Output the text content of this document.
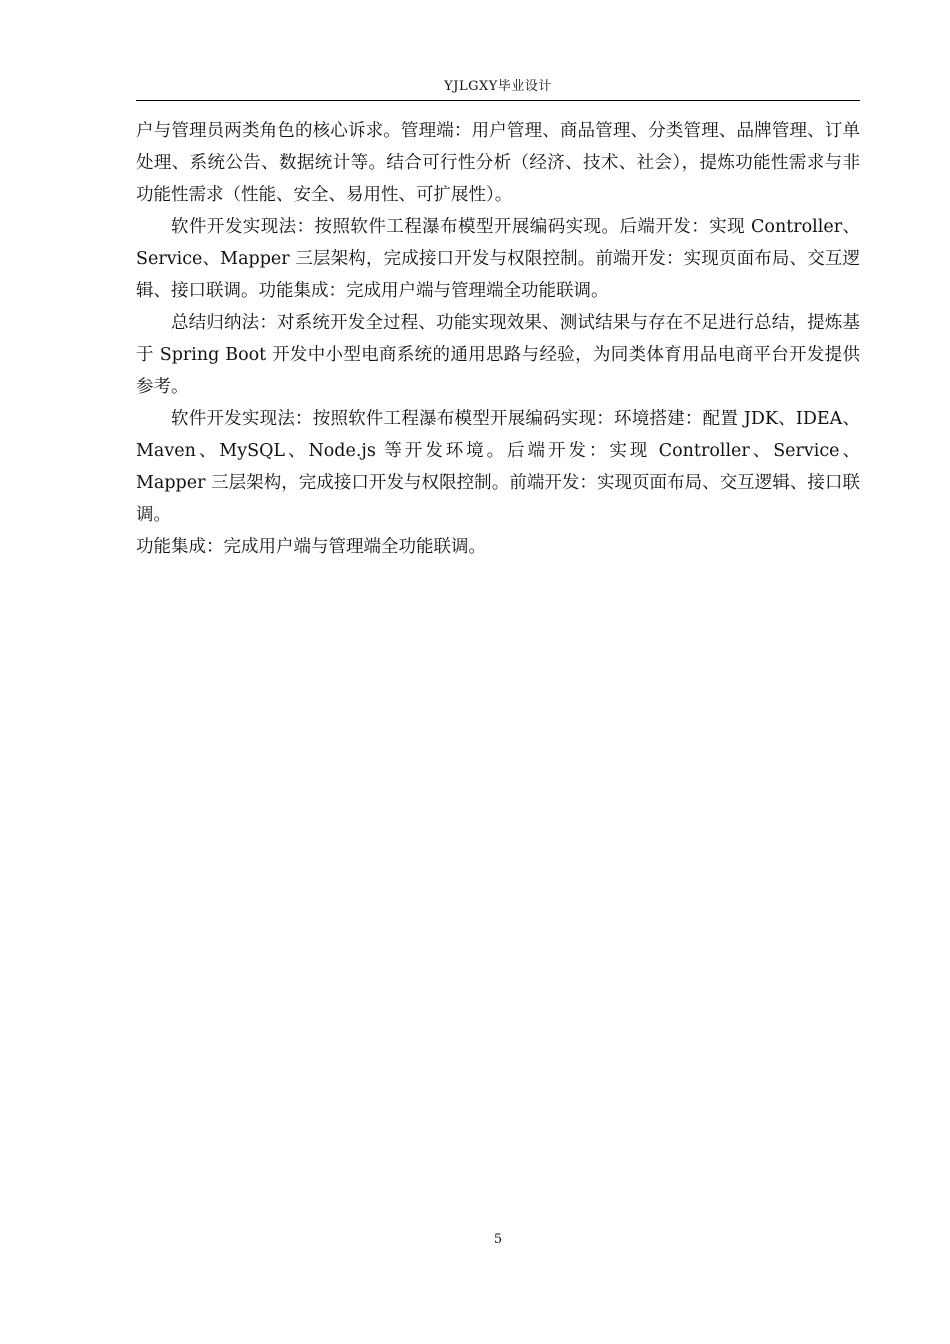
YJLGXY毕业设计

户与管理员两类角色的核心诉求。管理端：用户管理、商品管理、分类管理、品牌管理、订单处理、系统公告、数据统计等。结合可行性分析（经济、技术、社会），提炼功能性需求与非功能性需求（性能、安全、易用性、可扩展性）。

软件开发实现法：按照软件工程瀑布模型开展编码实现。后端开发：实现 Controller、Service、Mapper 三层架构，完成接口开发与权限控制。前端开发：实现页面布局、交互逻辑、接口联调。功能集成：完成用户端与管理端全功能联调。

总结归纳法：对系统开发全过程、功能实现效果、测试结果与存在不足进行总结，提炼基于 Spring Boot 开发中小型电商系统的通用思路与经验，为同类体育用品电商平台开发提供参考。

软件开发实现法：按照软件工程瀑布模型开展编码实现：环境搭建：配置 JDK、IDEA、Maven、MySQL、Node.js 等开发环境。后端开发：实现 Controller、Service、Mapper 三层架构，完成接口开发与权限控制。前端开发：实现页面布局、交互逻辑、接口联调。

功能集成：完成用户端与管理端全功能联调。

5
